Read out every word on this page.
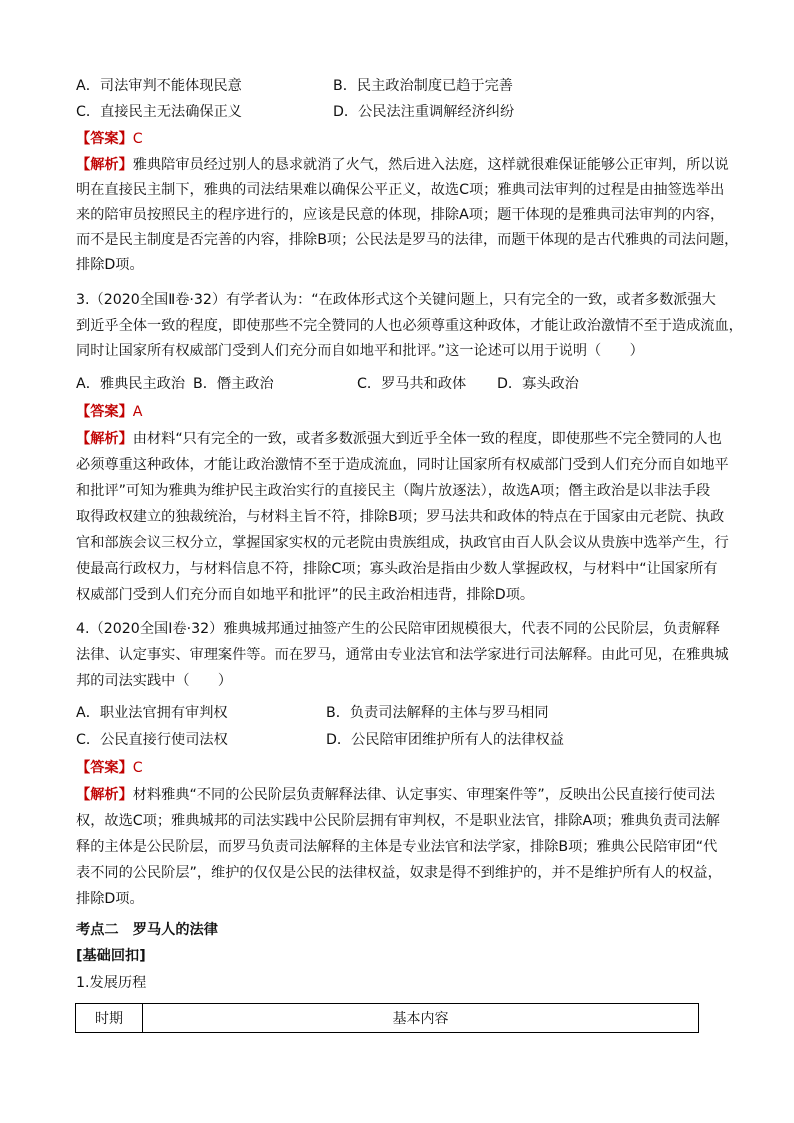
A．司法审判不能体现民意	B．民主政治制度已趋于完善
C．直接民主无法确保正义	D．公民法注重调解经济纠纷
【答案】C
【解析】雅典陪审员经过别人的恳求就消了火气，然后进入法庭，这样就很难保证能够公正审判，所以说
明在直接民主制下，雅典的司法结果难以确保公平正义，故选C项；雅典司法审判的过程是由抽签选举出
来的陪审员按照民主的程序进行的，应该是民意的体现，排除A项；题干体现的是雅典司法审判的内容，
而不是民主制度是否完善的内容，排除B项；公民法是罗马的法律，而题干体现的是古代雅典的司法问题，
排除D项。
3.（2020全国Ⅱ卷·32）有学者认为：“在政体形式这个关键问题上，只有完全的一致，或者多数派强大
到近乎全体一致的程度，即使那些不完全赞同的人也必须尊重这种政体，才能让政治激情不至于造成流血，
同时让国家所有权威部门受到人们充分而自如地平和批评。”这一论述可以用于说明（　　）
A．雅典民主政治 B．僭主政治	C．罗马共和政体 D．寡头政治
【答案】A
【解析】由材料“只有完全的一致，或者多数派强大到近乎全体一致的程度，即使那些不完全赞同的人也
必须尊重这种政体，才能让政治激情不至于造成流血，同时让国家所有权威部门受到人们充分而自如地平
和批评”可知为雅典为维护民主政治实行的直接民主（陶片放逐法），故选A项；僭主政治是以非法手段
取得政权建立的独裁统治，与材料主旨不符，排除B项；罗马法共和政体的特点在于国家由元老院、执政
官和部族会议三权分立，掌握国家实权的元老院由贵族组成，执政官由百人队会议从贵族中选举产生，行
使最高行政权力，与材料信息不符，排除C项；寡头政治是指由少数人掌握政权，与材料中“让国家所有
权威部门受到人们充分而自如地平和批评”的民主政治相违背，排除D项。
4.（2020全国Ⅰ卷·32）雅典城邦通过抽签产生的公民陪审团规模很大，代表不同的公民阶层，负责解释
法律、认定事实、审理案件等。而在罗马，通常由专业法官和法学家进行司法解释。由此可见，在雅典城
邦的司法实践中（　　）
A．职业法官拥有审判权	B．负责司法解释的主体与罗马相同
C．公民直接行使司法权	D．公民陪审团维护所有人的法律权益
【答案】C
【解析】材料雅典“不同的公民阶层负责解释法律、认定事实、审理案件等”，反映出公民直接行使司法
权，故选C项；雅典城邦的司法实践中公民阶层拥有审判权，不是职业法官，排除A项；雅典负责司法解
释的主体是公民阶层，而罗马负责司法解释的主体是专业法官和法学家，排除B项；雅典公民陪审团“代
表不同的公民阶层”，维护的仅仅是公民的法律权益，奴隶是得不到维护的，并不是维护所有人的权益，
排除D项。
考点二　罗马人的法律
[基础回扣]
1.发展历程
时期	基本内容
